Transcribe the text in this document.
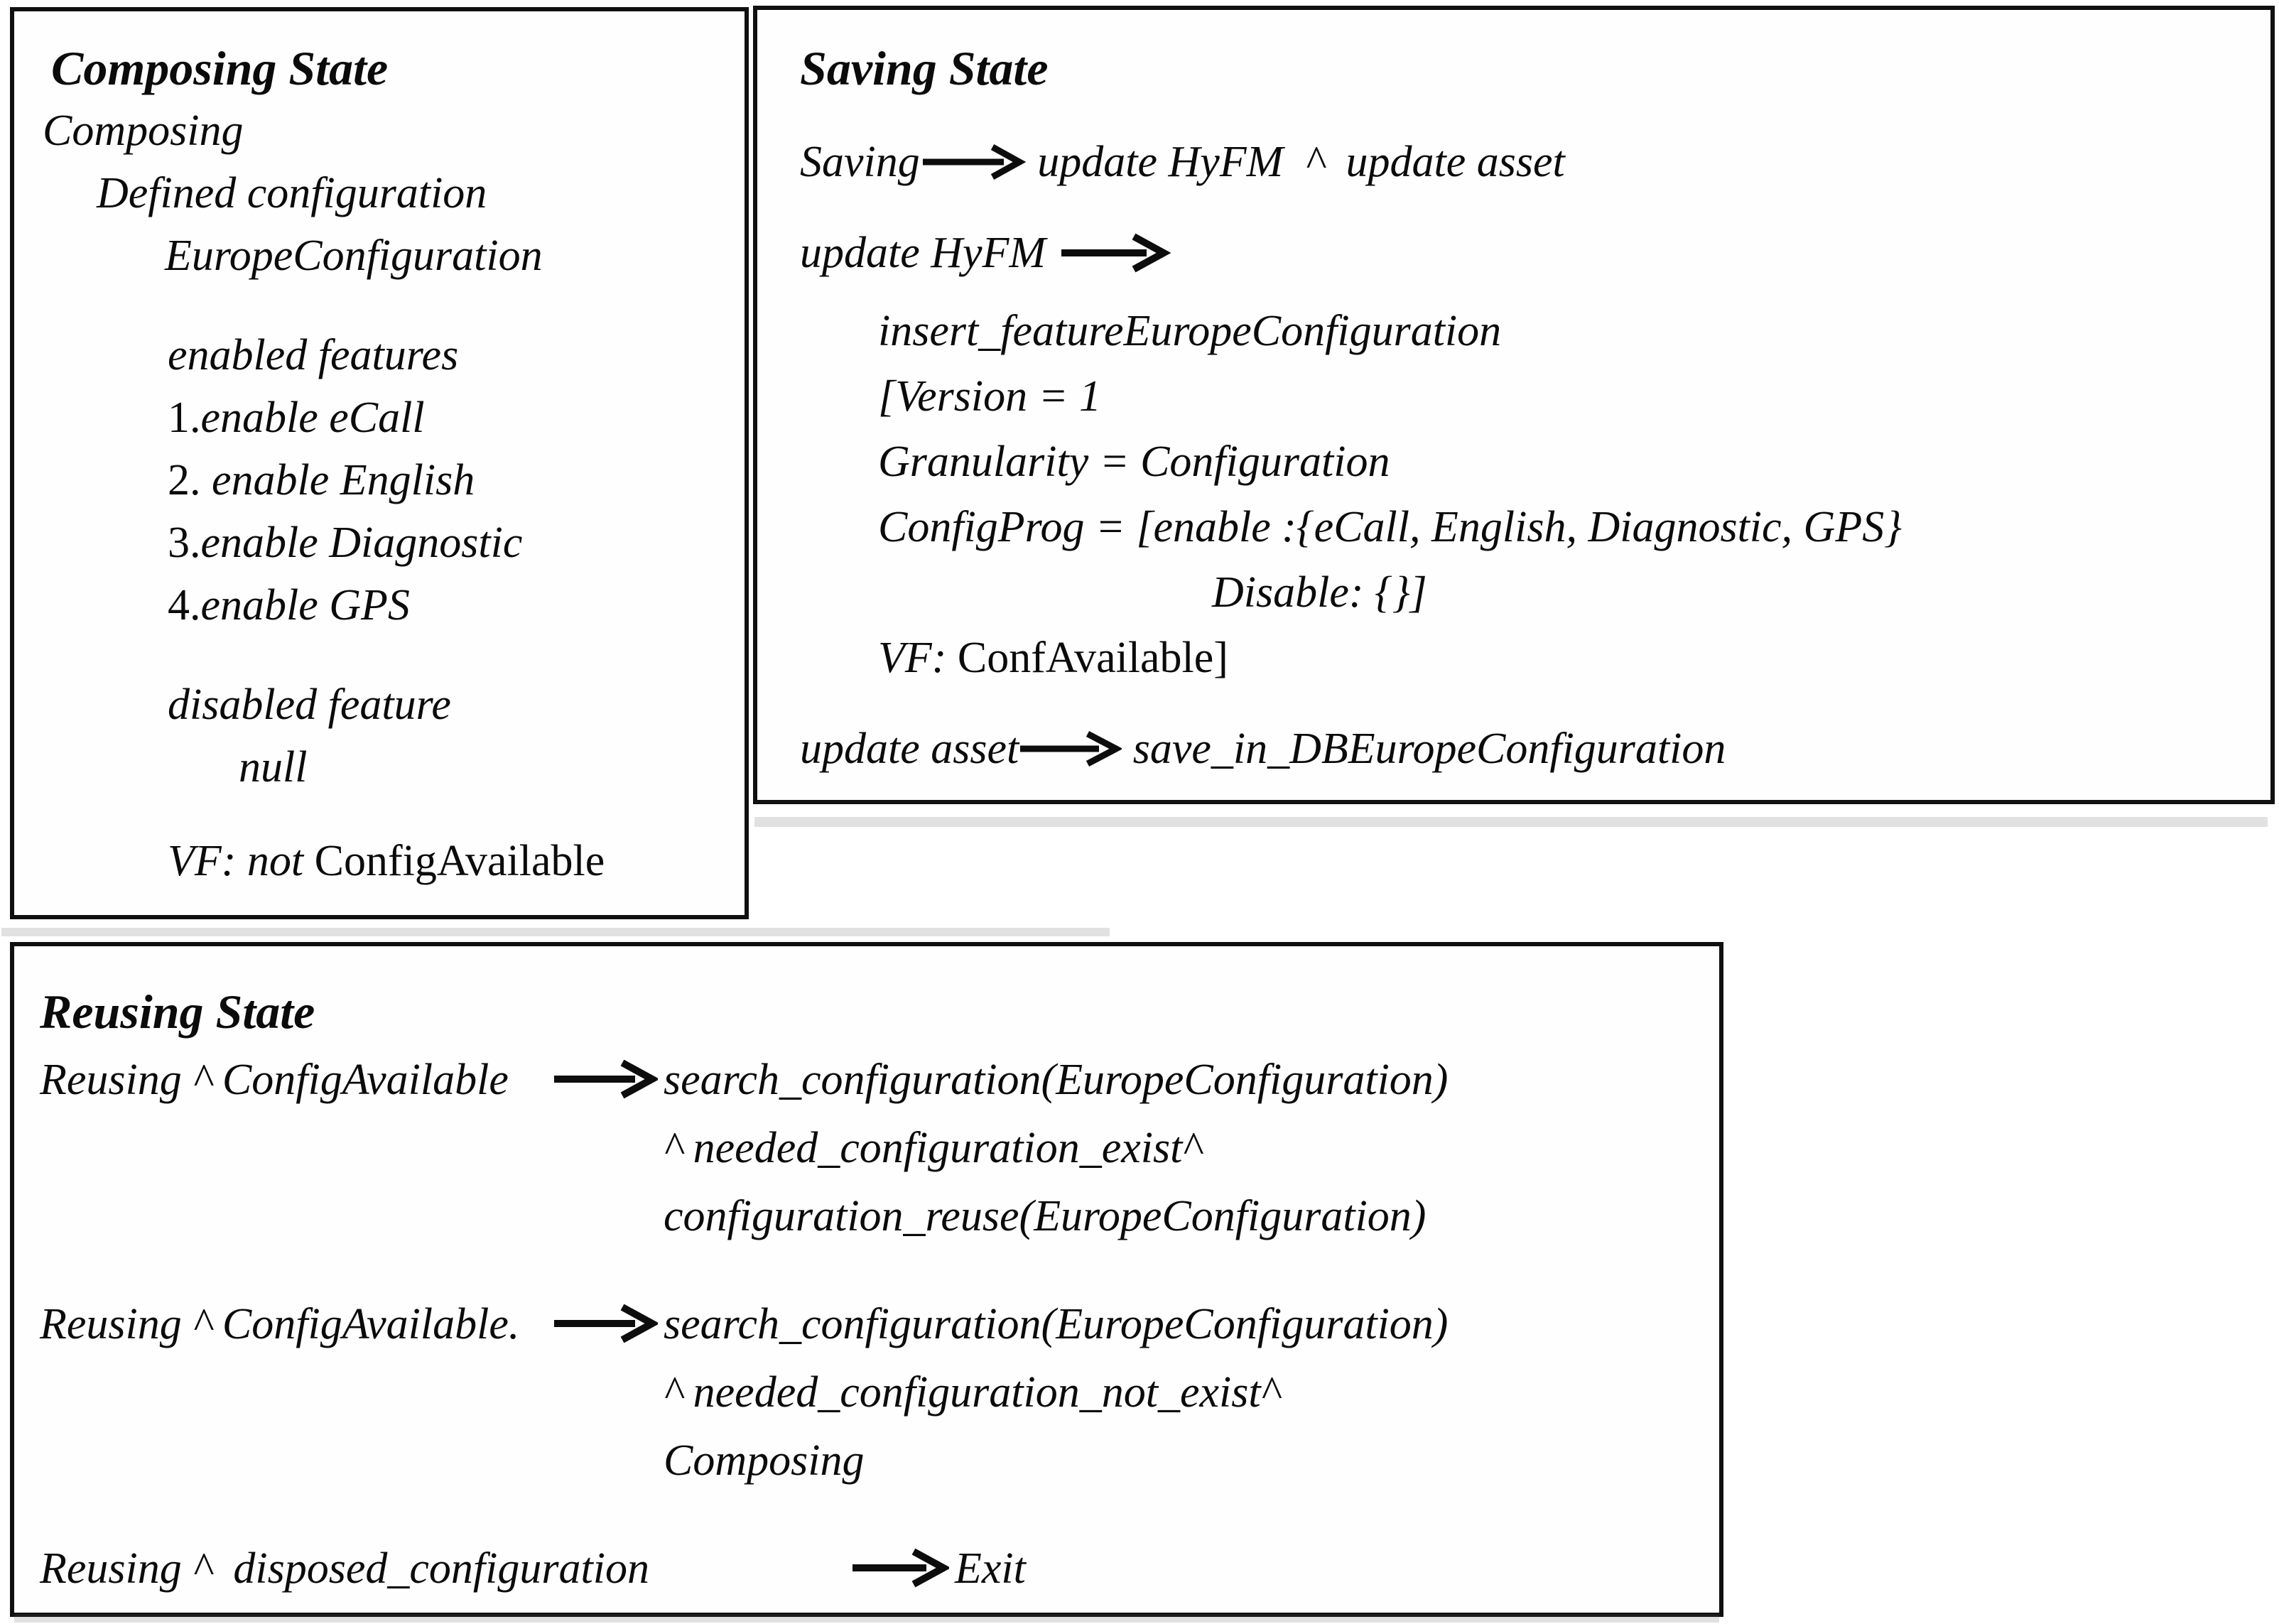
Composing State
Composing
Defined configuration
EuropeConfiguration
enabled features
1.enable eCall
2. enable English
3.enable Diagnostic
4.enable GPS
disabled feature
null
VF: not ConfigAvailable
Saving State
Saving update HyFM  ^  update asset
update HyFM
insert_featureEuropeConfiguration
[Version = 1
Granularity = Configuration
ConfigProg = [enable :{eCall, English, Diagnostic, GPS}
Disable: {}]
VF: ConfAvailable]
update asset save_in_DBEuropeConfiguration
Reusing State
Reusing ^ ConfigAvailable	search_configuration(EuropeConfiguration)
^ needed_configuration_exist^
configuration_reuse(EuropeConfiguration)
Reusing ^ ConfigAvailable.	search_configuration(EuropeConfiguration)
^ needed_configuration_not_exist^
Composing
Reusing ^  disposed_configuration	Exit
